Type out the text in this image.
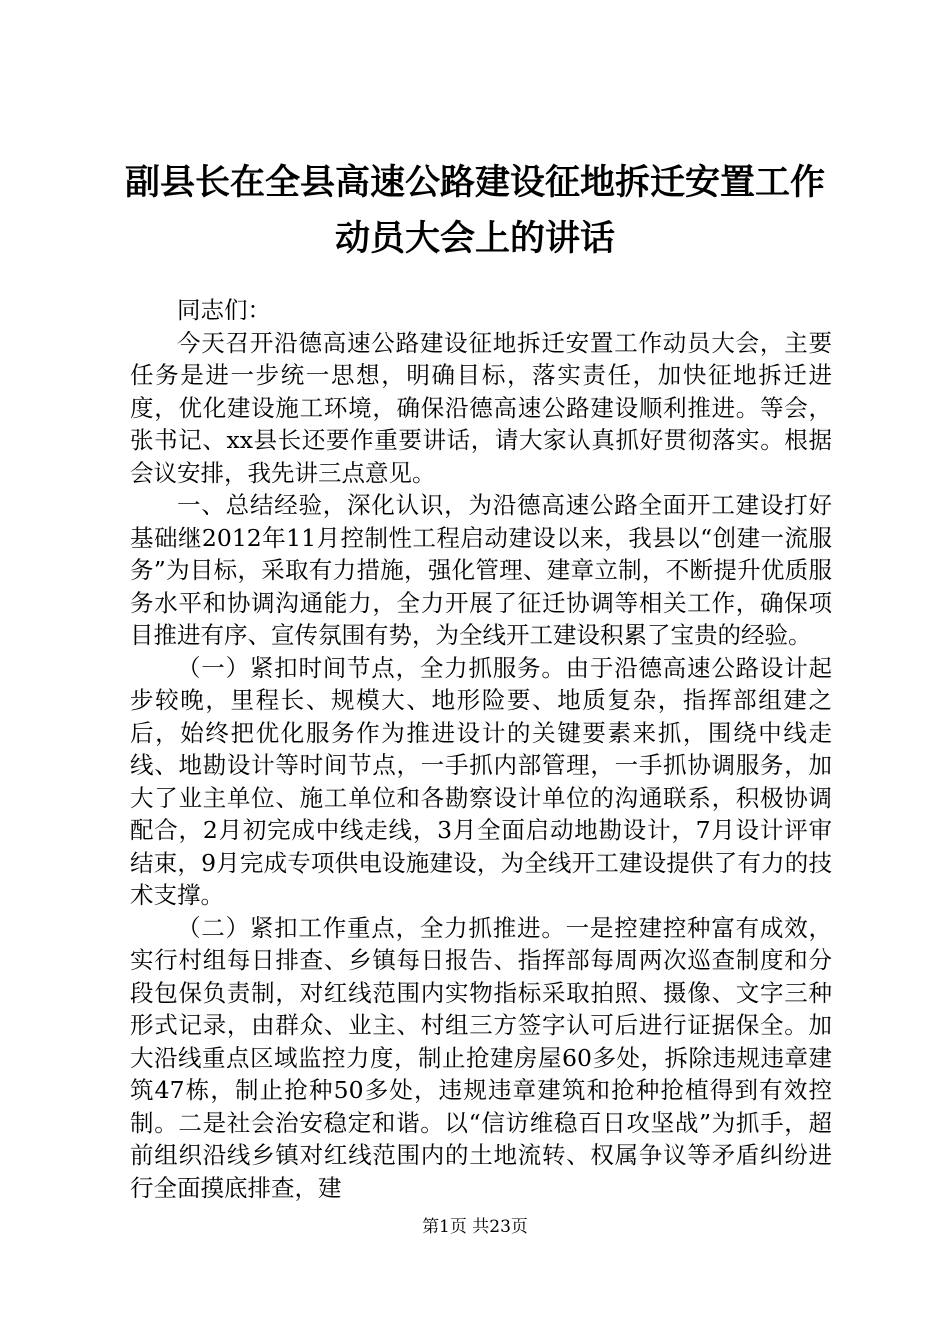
副县长在全县高速公路建设征地拆迁安置工作
动员大会上的讲话

同志们：

今天召开沿德高速公路建设征地拆迁安置工作动员大会，主要任务是进一步统一思想，明确目标，落实责任，加快征地拆迁进度，优化建设施工环境，确保沿德高速公路建设顺利推进。等会，张书记、xx县长还要作重要讲话，请大家认真抓好贯彻落实。根据会议安排，我先讲三点意见。

一、总结经验，深化认识，为沿德高速公路全面开工建设打好基础继2012年11月控制性工程启动建设以来，我县以“创建一流服务”为目标，采取有力措施，强化管理、建章立制，不断提升优质服务水平和协调沟通能力，全力开展了征迁协调等相关工作，确保项目推进有序、宣传氛围有势，为全线开工建设积累了宝贵的经验。

（一）紧扣时间节点，全力抓服务。由于沿德高速公路设计起步较晚，里程长、规模大、地形险要、地质复杂，指挥部组建之后，始终把优化服务作为推进设计的关键要素来抓，围绕中线走线、地勘设计等时间节点，一手抓内部管理，一手抓协调服务，加大了业主单位、施工单位和各勘察设计单位的沟通联系，积极协调配合，2月初完成中线走线，3月全面启动地勘设计，7月设计评审结束，9月完成专项供电设施建设，为全线开工建设提供了有力的技术支撑。

（二）紧扣工作重点，全力抓推进。一是控建控种富有成效，实行村组每日排查、乡镇每日报告、指挥部每周两次巡查制度和分段包保负责制，对红线范围内实物指标采取拍照、摄像、文字三种形式记录，由群众、业主、村组三方签字认可后进行证据保全。加大沿线重点区域监控力度，制止抢建房屋60多处，拆除违规违章建筑47栋，制止抢种50多处，违规违章建筑和抢种抢植得到有效控制。二是社会治安稳定和谐。以“信访维稳百日攻坚战”为抓手，超前组织沿线乡镇对红线范围内的土地流转、权属争议等矛盾纠纷进行全面摸底排查，建

第1页 共23页
